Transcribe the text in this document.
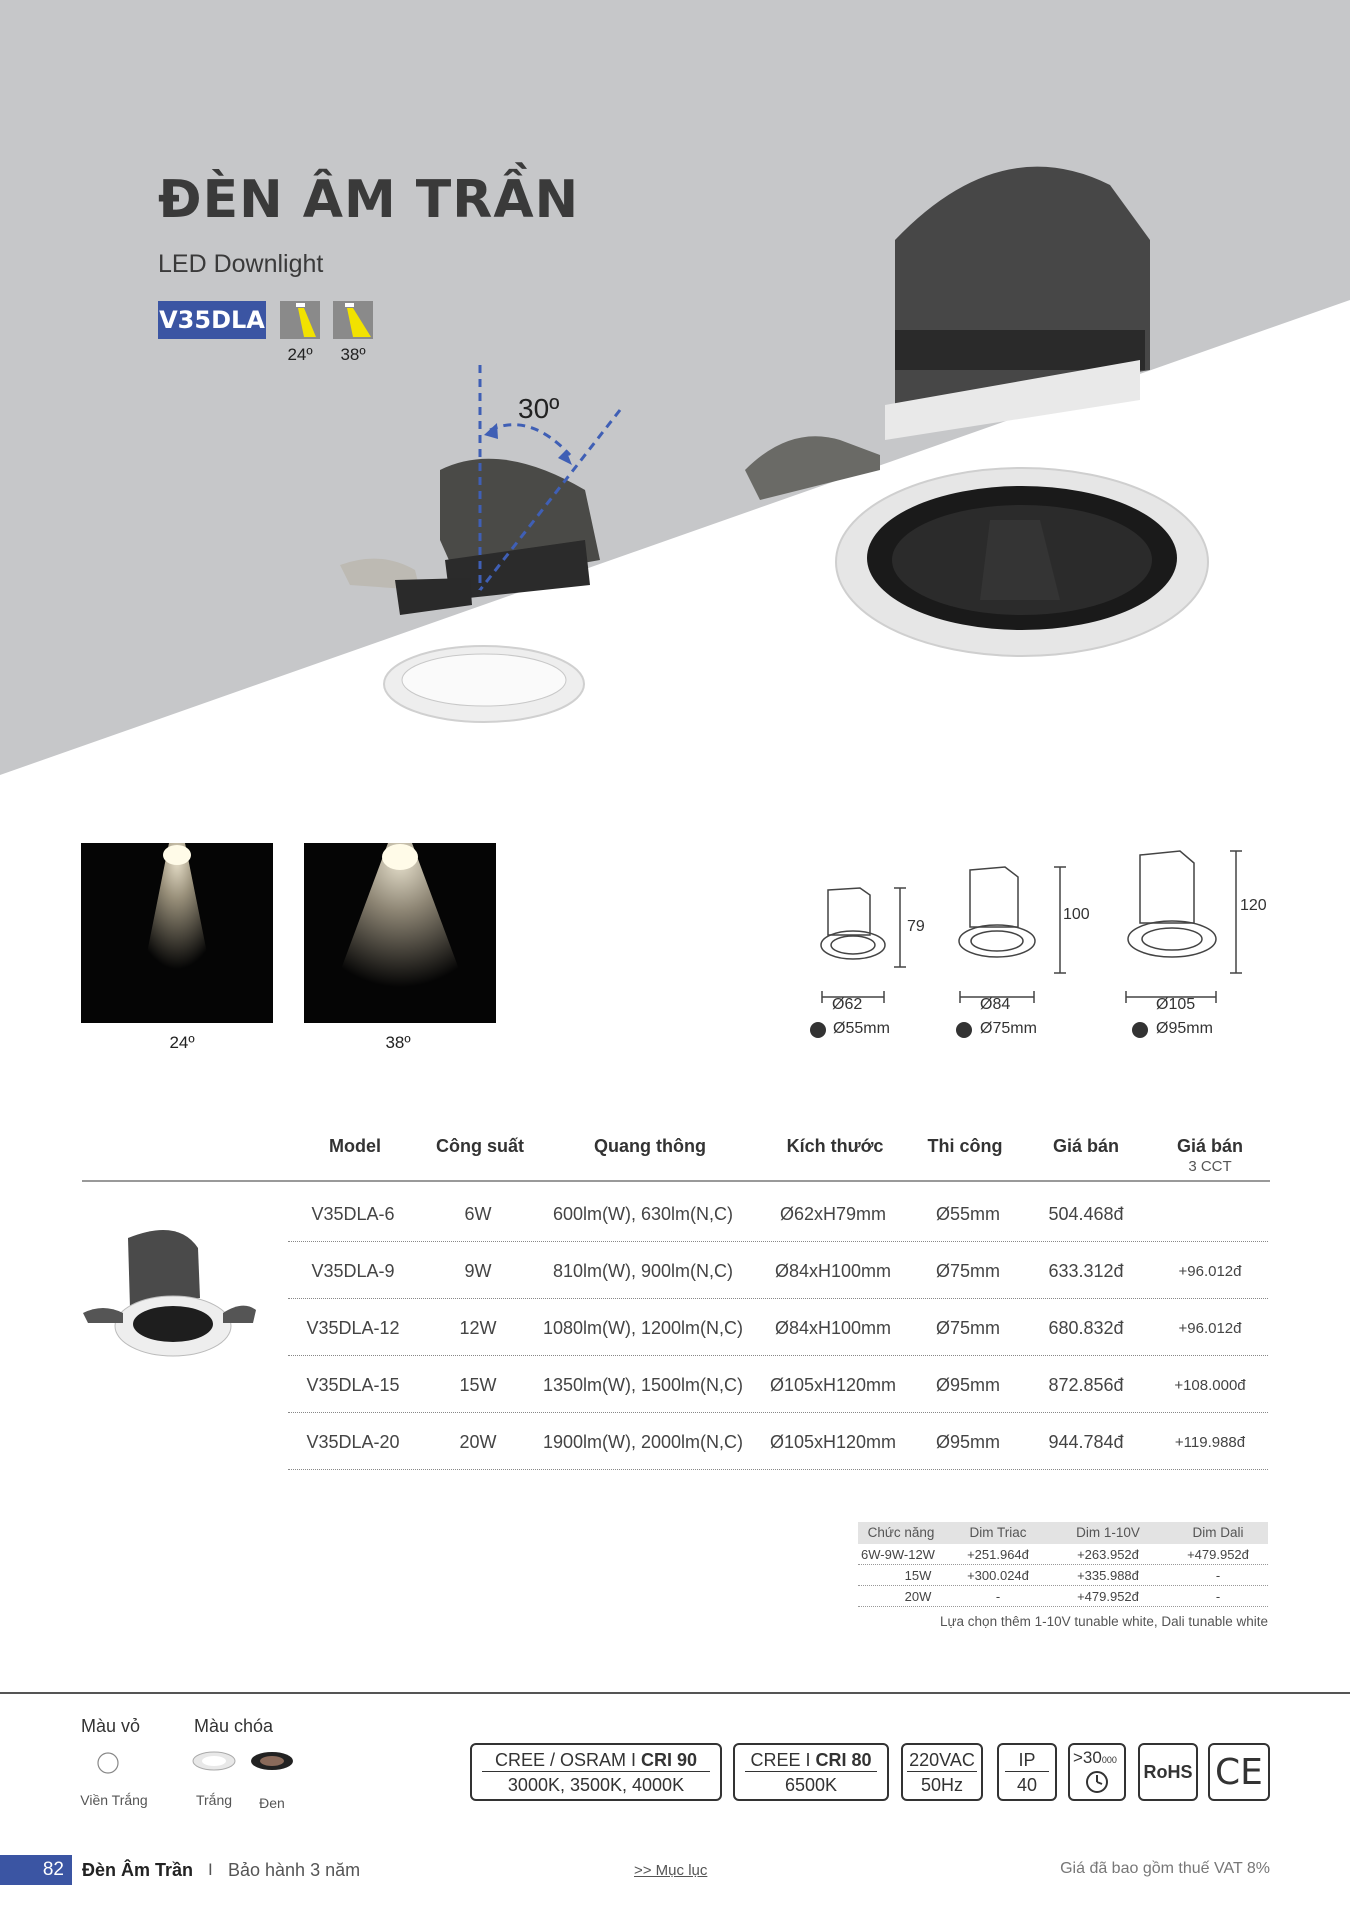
ĐÈN ÂM TRẦN
LED Downlight
V35DLA
24º	38º
30º
24º	38º
79
100
120
Ø62	Ø84	Ø105
Ø55mm	Ø75mm	Ø95mm
Model	Công suất	Quang thông	Kích thước	Thi công	Giá bán	Giá bán
3 CCT
V35DLA-6	6W	600lm(W), 630lm(N,C)	Ø62xH79mm	Ø55mm	504.468đ
V35DLA-9	9W	810lm(W), 900lm(N,C)	Ø84xH100mm	Ø75mm	633.312đ	+96.012đ
V35DLA-12	12W	1080lm(W), 1200lm(N,C)	Ø84xH100mm	Ø75mm	680.832đ	+96.012đ
V35DLA-15	15W	1350lm(W), 1500lm(N,C)	Ø105xH120mm	Ø95mm	872.856đ	+108.000đ
V35DLA-20	20W	1900lm(W), 2000lm(N,C)	Ø105xH120mm	Ø95mm	944.784đ	+119.988đ
Chức năng	Dim Triac	Dim 1-10V	Dim Dali
6W-9W-12W	+251.964đ	+263.952đ	+479.952đ
15W	+300.024đ	+335.988đ	-
20W	-	+479.952đ	-
Lựa chọn thêm 1-10V tunable white, Dali tunable white
Màu vỏ	Màu chóa
Viền Trắng	Trắng	Đen
CREE / OSRAM I CRI 90
3000K, 3500K, 4000K
CREE I CRI 80
6500K
220VAC
50Hz
IP
40
>30000
RoHS CE
82	Đèn Âm Trần I Bảo hành 3 năm	>> Mục lục	Giá đã bao gồm thuế VAT 8%
